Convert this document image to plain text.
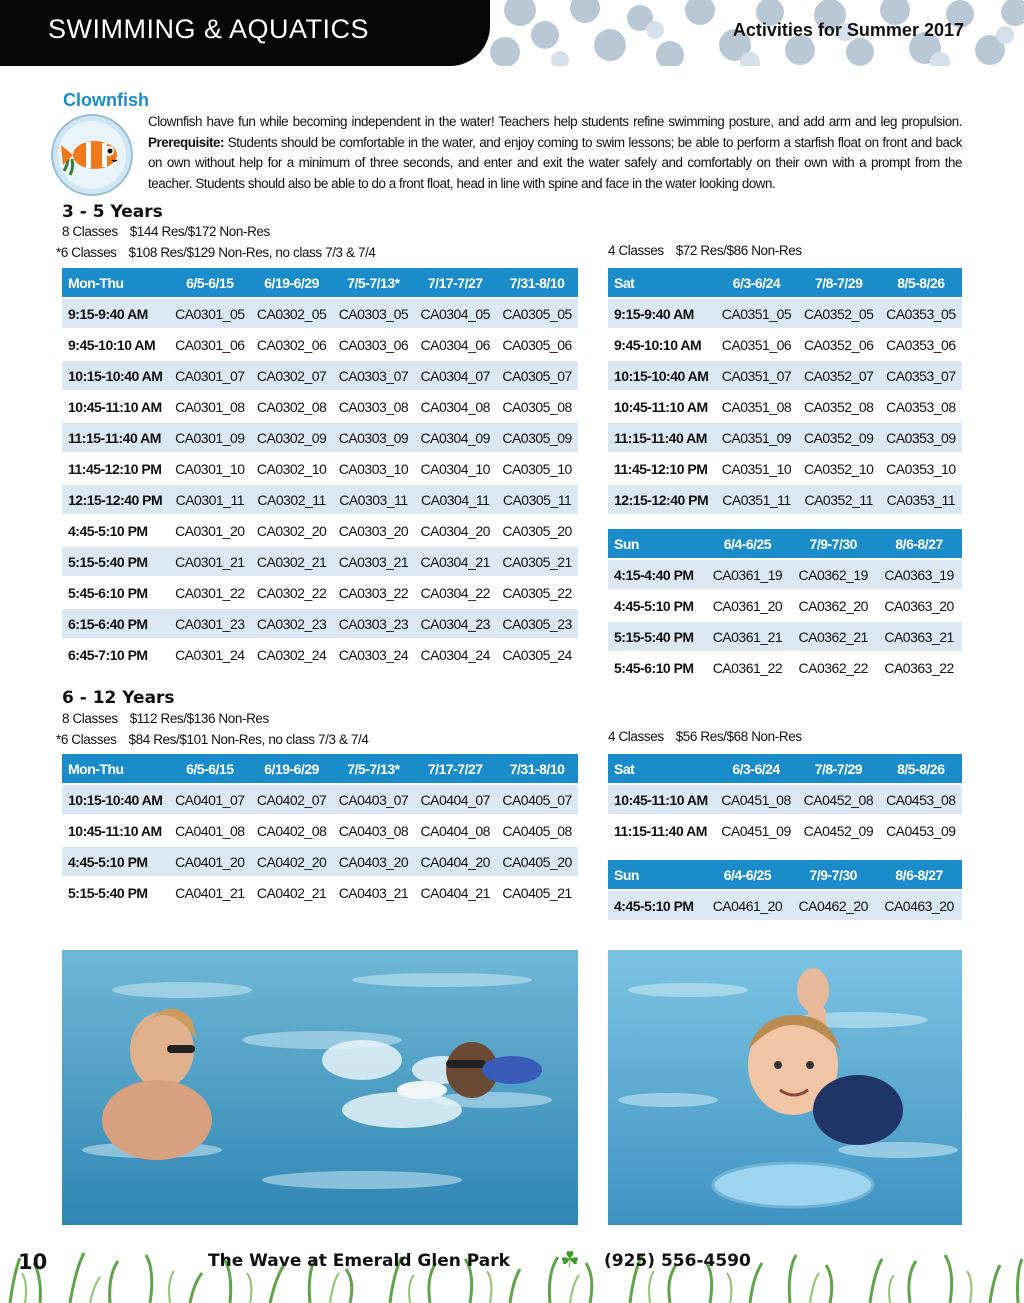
SWIMMING & AQUATICS	Activities for Summer 2017
Clownfish
Clownfish have fun while becoming independent in the water! Teachers help students refine swimming posture, and add arm and leg propulsion. Prerequisite: Students should be comfortable in the water, and enjoy coming to swim lessons; be able to perform a starfish float on front and back on own without help for a minimum of three seconds, and enter and exit the water safely and comfortably on their own with a prompt from the teacher. Students should also be able to do a front float, head in line with spine and face in the water looking down.
3 - 5 Years
8 Classes $144 Res/$172 Non-Res
*6 Classes $108 Res/$129 Non-Res, no class 7/3 & 7/4	4 Classes $72 Res/$86 Non-Res
Mon-Thu	6/5-6/15	6/19-6/29	7/5-7/13*	7/17-7/27	7/31-8/10
9:15-9:40 AM	CA0301_05	CA0302_05	CA0303_05	CA0304_05	CA0305_05
9:45-10:10 AM	CA0301_06	CA0302_06	CA0303_06	CA0304_06	CA0305_06
10:15-10:40 AM	CA0301_07	CA0302_07	CA0303_07	CA0304_07	CA0305_07
10:45-11:10 AM	CA0301_08	CA0302_08	CA0303_08	CA0304_08	CA0305_08
11:15-11:40 AM	CA0301_09	CA0302_09	CA0303_09	CA0304_09	CA0305_09
11:45-12:10 PM	CA0301_10	CA0302_10	CA0303_10	CA0304_10	CA0305_10
12:15-12:40 PM	CA0301_11	CA0302_11	CA0303_11	CA0304_11	CA0305_11
4:45-5:10 PM	CA0301_20	CA0302_20	CA0303_20	CA0304_20	CA0305_20
5:15-5:40 PM	CA0301_21	CA0302_21	CA0303_21	CA0304_21	CA0305_21
5:45-6:10 PM	CA0301_22	CA0302_22	CA0303_22	CA0304_22	CA0305_22
6:15-6:40 PM	CA0301_23	CA0302_23	CA0303_23	CA0304_23	CA0305_23
6:45-7:10 PM	CA0301_24	CA0302_24	CA0303_24	CA0304_24	CA0305_24
Sat	6/3-6/24	7/8-7/29	8/5-8/26
9:15-9:40 AM	CA0351_05	CA0352_05	CA0353_05
9:45-10:10 AM	CA0351_06	CA0352_06	CA0353_06
10:15-10:40 AM	CA0351_07	CA0352_07	CA0353_07
10:45-11:10 AM	CA0351_08	CA0352_08	CA0353_08
11:15-11:40 AM	CA0351_09	CA0352_09	CA0353_09
11:45-12:10 PM	CA0351_10	CA0352_10	CA0353_10
12:15-12:40 PM	CA0351_11	CA0352_11	CA0353_11
Sun	6/4-6/25	7/9-7/30	8/6-8/27
4:15-4:40 PM	CA0361_19	CA0362_19	CA0363_19
4:45-5:10 PM	CA0361_20	CA0362_20	CA0363_20
5:15-5:40 PM	CA0361_21	CA0362_21	CA0363_21
5:45-6:10 PM	CA0361_22	CA0362_22	CA0363_22
6 - 12 Years
8 Classes $112 Res/$136 Non-Res
*6 Classes $84 Res/$101 Non-Res, no class 7/3 & 7/4	4 Classes $56 Res/$68 Non-Res
Mon-Thu	6/5-6/15	6/19-6/29	7/5-7/13*	7/17-7/27	7/31-8/10
10:15-10:40 AM	CA0401_07	CA0402_07	CA0403_07	CA0404_07	CA0405_07
10:45-11:10 AM	CA0401_08	CA0402_08	CA0403_08	CA0404_08	CA0405_08
4:45-5:10 PM	CA0401_20	CA0402_20	CA0403_20	CA0404_20	CA0405_20
5:15-5:40 PM	CA0401_21	CA0402_21	CA0403_21	CA0404_21	CA0405_21
Sat	6/3-6/24	7/8-7/29	8/5-8/26
10:45-11:10 AM	CA0451_08	CA0452_08	CA0453_08
11:15-11:40 AM	CA0451_09	CA0452_09	CA0453_09
Sun	6/4-6/25	7/9-7/30	8/6-8/27
4:45-5:10 PM	CA0461_20	CA0462_20	CA0463_20
10	The Wave at Emerald Glen Park ☘ (925) 556-4590
